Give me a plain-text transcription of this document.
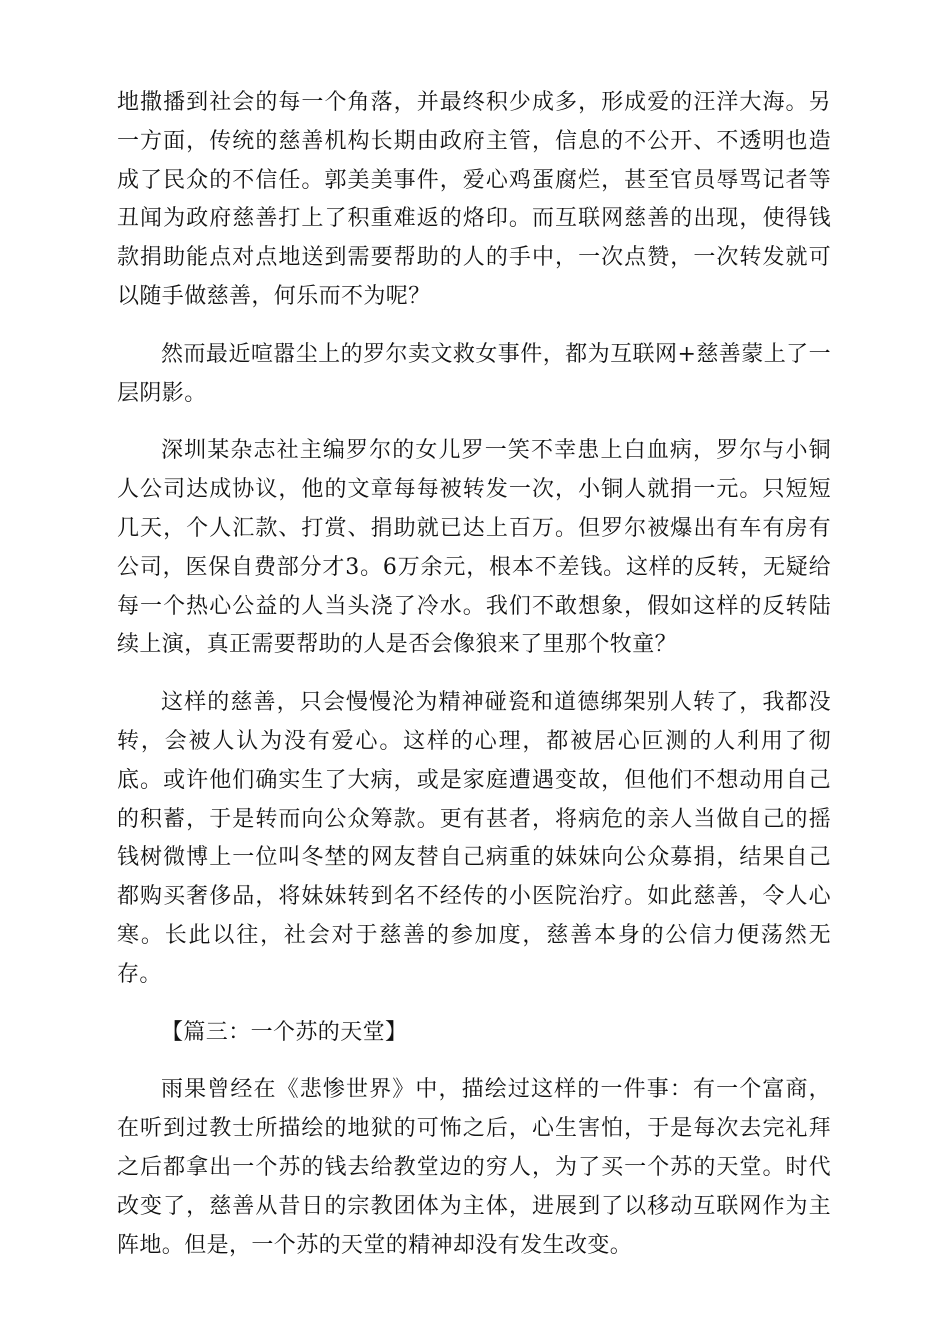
地撒播到社会的每一个角落，并最终积少成多，形成爱的汪洋大海。另一方面，传统的慈善机构长期由政府主管，信息的不公开、不透明也造成了民众的不信任。郭美美事件，爱心鸡蛋腐烂，甚至官员辱骂记者等丑闻为政府慈善打上了积重难返的烙印。而互联网慈善的出现，使得钱款捐助能点对点地送到需要帮助的人的手中，一次点赞，一次转发就可以随手做慈善，何乐而不为呢？

然而最近喧嚣尘上的罗尔卖文救女事件，都为互联网+慈善蒙上了一层阴影。

深圳某杂志社主编罗尔的女儿罗一笑不幸患上白血病，罗尔与小铜人公司达成协议，他的文章每每被转发一次，小铜人就捐一元。只短短几天，个人汇款、打赏、捐助就已达上百万。但罗尔被爆出有车有房有公司，医保自费部分才3。6万余元，根本不差钱。这样的反转，无疑给每一个热心公益的人当头浇了冷水。我们不敢想象，假如这样的反转陆续上演，真正需要帮助的人是否会像狼来了里那个牧童？

这样的慈善，只会慢慢沦为精神碰瓷和道德绑架别人转了，我都没转，会被人认为没有爱心。这样的心理，都被居心叵测的人利用了彻底。或许他们确实生了大病，或是家庭遭遇变故，但他们不想动用自己的积蓄，于是转而向公众筹款。更有甚者，将病危的亲人当做自己的摇钱树微博上一位叫冬埜的网友替自己病重的妹妹向公众募捐，结果自己都购买奢侈品，将妹妹转到名不经传的小医院治疗。如此慈善，令人心寒。长此以往，社会对于慈善的参加度，慈善本身的公信力便荡然无存。

【篇三：一个苏的天堂】

雨果曾经在《悲惨世界》中，描绘过这样的一件事：有一个富商，在听到过教士所描绘的地狱的可怖之后，心生害怕，于是每次去完礼拜之后都拿出一个苏的钱去给教堂边的穷人，为了买一个苏的天堂。时代改变了，慈善从昔日的宗教团体为主体，进展到了以移动互联网作为主阵地。但是，一个苏的天堂的精神却没有发生改变。
